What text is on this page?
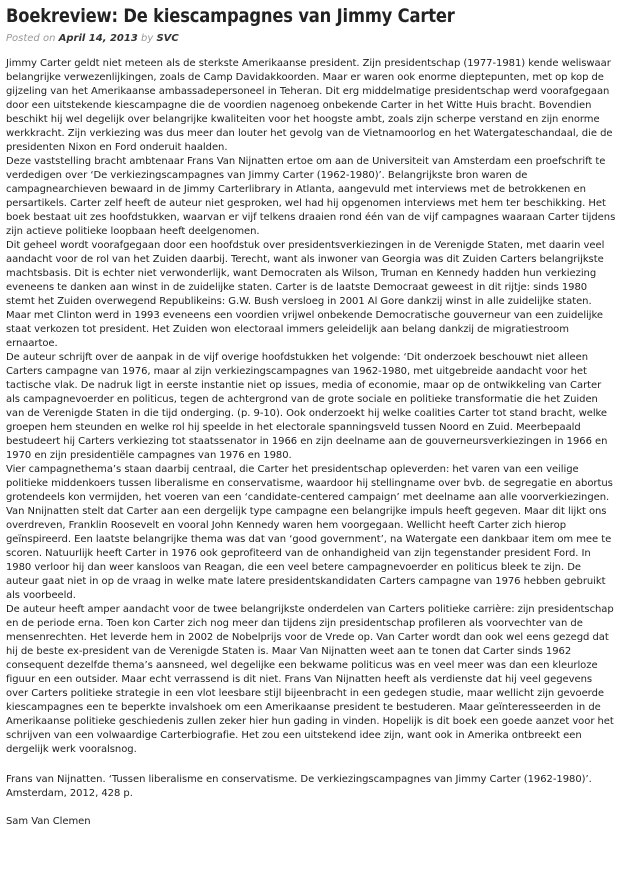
Boekreview: De kiescampagnes van Jimmy Carter
Posted on April 14, 2013 by SVC

Jimmy Carter geldt niet meteen als de sterkste Amerikaanse president. Zijn presidentschap (1977-1981) kende weliswaar belangrijke verwezenlijkingen, zoals de Camp Davidakkoorden. Maar er waren ook enorme dieptepunten, met op kop de gijzeling van het Amerikaanse ambassadepersoneel in Teheran. Dit erg middelmatige presidentschap werd voorafgegaan door een uitstekende kiescampagne die de voordien nagenoeg onbekende Carter in het Witte Huis bracht. Bovendien beschikt hij wel degelijk over belangrijke kwaliteiten voor het hoogste ambt, zoals zijn scherpe verstand en zijn enorme werkkracht. Zijn verkiezing was dus meer dan louter het gevolg van de Vietnamoorlog en het Watergateschandaal, die de presidenten Nixon en Ford onderuit haalden.

Deze vaststelling bracht ambtenaar Frans Van Nijnatten ertoe om aan de Universiteit van Amsterdam een proefschrift te verdedigen over ‘De verkiezingscampagnes van Jimmy Carter (1962-1980)’. Belangrijkste bron waren de campagnearchieven bewaard in de Jimmy Carterlibrary in Atlanta, aangevuld met interviews met de betrokkenen en persartikels. Carter zelf heeft de auteur niet gesproken, wel had hij opgenomen interviews met hem ter beschikking. Het boek bestaat uit zes hoofdstukken, waarvan er vijf telkens draaien rond één van de vijf campagnes waaraan Carter tijdens zijn actieve politieke loopbaan heeft deelgenomen.

Dit geheel wordt voorafgegaan door een hoofdstuk over presidentsverkiezingen in de Verenigde Staten, met daarin veel aandacht voor de rol van het Zuiden daarbij. Terecht, want als inwoner van Georgia was dit Zuiden Carters belangrijkste machtsbasis. Dit is echter niet verwonderlijk, want Democraten als Wilson, Truman en Kennedy hadden hun verkiezing eveneens te danken aan winst in de zuidelijke staten. Carter is de laatste Democraat geweest in dit rijtje: sinds 1980 stemt het Zuiden overwegend Republikeins: G.W. Bush versloeg in 2001 Al Gore dankzij winst in alle zuidelijke staten. Maar met Clinton werd in 1993 eveneens een voordien vrijwel onbekende Democratische gouverneur van een zuidelijke staat verkozen tot president. Het Zuiden won electoraal immers geleidelijk aan belang dankzij de migratiestroom ernaartoe.

De auteur schrijft over de aanpak in de vijf overige hoofdstukken het volgende: ‘Dit onderzoek beschouwt niet alleen Carters campagne van 1976, maar al zijn verkiezingscampagnes van 1962-1980, met uitgebreide aandacht voor het tactische vlak. De nadruk ligt in eerste instantie niet op issues, media of economie, maar op de ontwikkeling van Carter als campagnevoerder en politicus, tegen de achtergrond van de grote sociale en politieke transformatie die het Zuiden van de Verenigde Staten in die tijd onderging. (p. 9-10). Ook onderzoekt hij welke coalities Carter tot stand bracht, welke groepen hem steunden en welke rol hij speelde in het electorale spanningsveld tussen Noord en Zuid. Meerbepaald bestudeert hij Carters verkiezing tot staatssenator in 1966 en zijn deelname aan de gouverneursverkiezingen in 1966 en 1970 en zijn presidentiële campagnes van 1976 en 1980.

Vier campagnethema’s staan daarbij centraal, die Carter het presidentschap opleverden: het varen van een veilige politieke middenkoers tussen liberalisme en conservatisme, waardoor hij stellingname over bvb. de segregatie en abortus grotendeels kon vermijden, het voeren van een ‘candidate-centered campaign’ met deelname aan alle voorverkiezingen. Van Nnijnatten stelt dat Carter aan een dergelijk type campagne een belangrijke impuls heeft gegeven. Maar dit lijkt ons overdreven, Franklin Roosevelt en vooral John Kennedy waren hem voorgegaan. Wellicht heeft Carter zich hierop geïnspireerd. Een laatste belangrijke thema was dat van ‘good government’, na Watergate een dankbaar item om mee te scoren. Natuurlijk heeft Carter in 1976 ook geprofiteerd van de onhandigheid van zijn tegenstander president Ford. In 1980 verloor hij dan weer kansloos van Reagan, die een veel betere campagnevoerder en politicus bleek te zijn. De auteur gaat niet in op de vraag in welke mate latere presidentskandidaten Carters campagne van 1976 hebben gebruikt als voorbeeld.

De auteur heeft amper aandacht voor de twee belangrijkste onderdelen van Carters politieke carrière: zijn presidentschap en de periode erna. Toen kon Carter zich nog meer dan tijdens zijn presidentschap profileren als voorvechter van de mensenrechten. Het leverde hem in 2002 de Nobelprijs voor de Vrede op. Van Carter wordt dan ook wel eens gezegd dat hij de beste ex-president van de Verenigde Staten is. Maar Van Nijnatten weet aan te tonen dat Carter sinds 1962 consequent dezelfde thema’s aansneed, wel degelijke een bekwame politicus was en veel meer was dan een kleurloze figuur en een outsider. Maar echt verrassend is dit niet. Frans Van Nijnatten heeft als verdienste dat hij veel gegevens over Carters politieke strategie in een vlot leesbare stijl bijeenbracht in een gedegen studie, maar wellicht zijn gevoerde kiescampagnes een te beperkte invalshoek om een Amerikaanse president te bestuderen. Maar geïnteresseerden in de Amerikaanse politieke geschiedenis zullen zeker hier hun gading in vinden. Hopelijk is dit boek een goede aanzet voor het schrijven van een volwaardige Carterbiografie. Het zou een uitstekend idee zijn, want ook in Amerika ontbreekt een dergelijk werk vooralsnog.

Frans van Nijnatten. ‘Tussen liberalisme en conservatisme. De verkiezingscampagnes van Jimmy Carter (1962-1980)’. Amsterdam, 2012, 428 p.

Sam Van Clemen
